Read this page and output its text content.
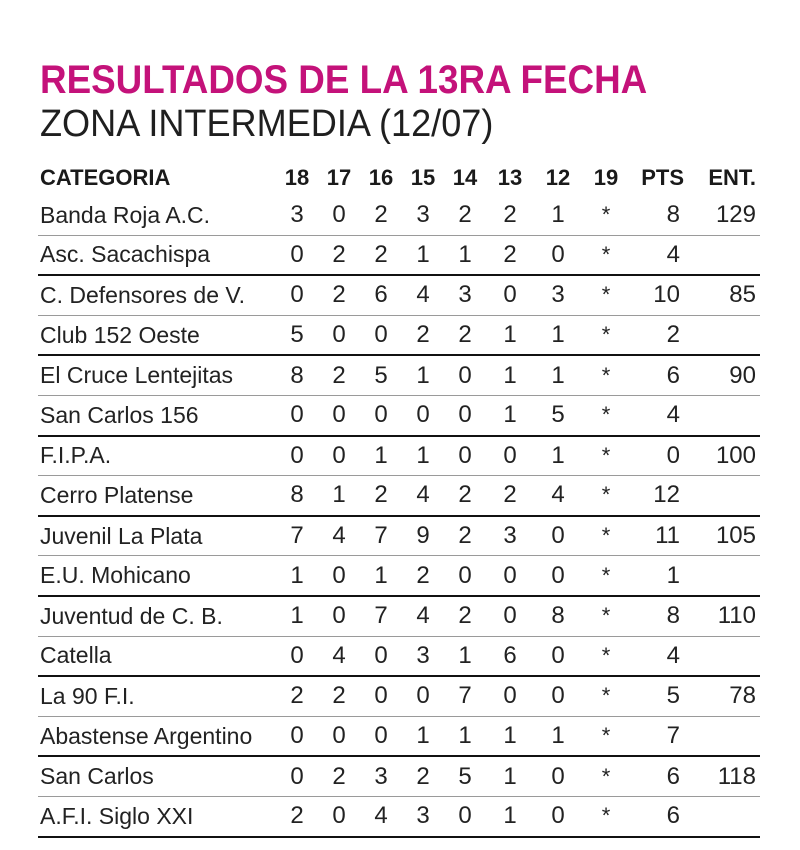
RESULTADOS DE LA 13RA FECHA
ZONA INTERMEDIA (12/07)
CATEGORIA	18	17	16	15	14	13	12	19	PTS	ENT.
Banda Roja A.C.	3	0	2	3	2	2	1	*	8	129
Asc. Sacachispa	0	2	2	1	1	2	0	*	4	
C. Defensores de V.	0	2	6	4	3	0	3	*	10	85
Club 152 Oeste	5	0	0	2	2	1	1	*	2	
El Cruce Lentejitas	8	2	5	1	0	1	1	*	6	90
San Carlos 156	0	0	0	0	0	1	5	*	4	
F.I.P.A.	0	0	1	1	0	0	1	*	0	100
Cerro Platense	8	1	2	4	2	2	4	*	12	
Juvenil La Plata	7	4	7	9	2	3	0	*	11	105
E.U. Mohicano	1	0	1	2	0	0	0	*	1	
Juventud de C. B.	1	0	7	4	2	0	8	*	8	110
Catella	0	4	0	3	1	6	0	*	4	
La 90 F.I.	2	2	0	0	7	0	0	*	5	78
Abastense Argentino	0	0	0	1	1	1	1	*	7	
San Carlos	0	2	3	2	5	1	0	*	6	118
A.F.I. Siglo XXI	2	0	4	3	0	1	0	*	6	
